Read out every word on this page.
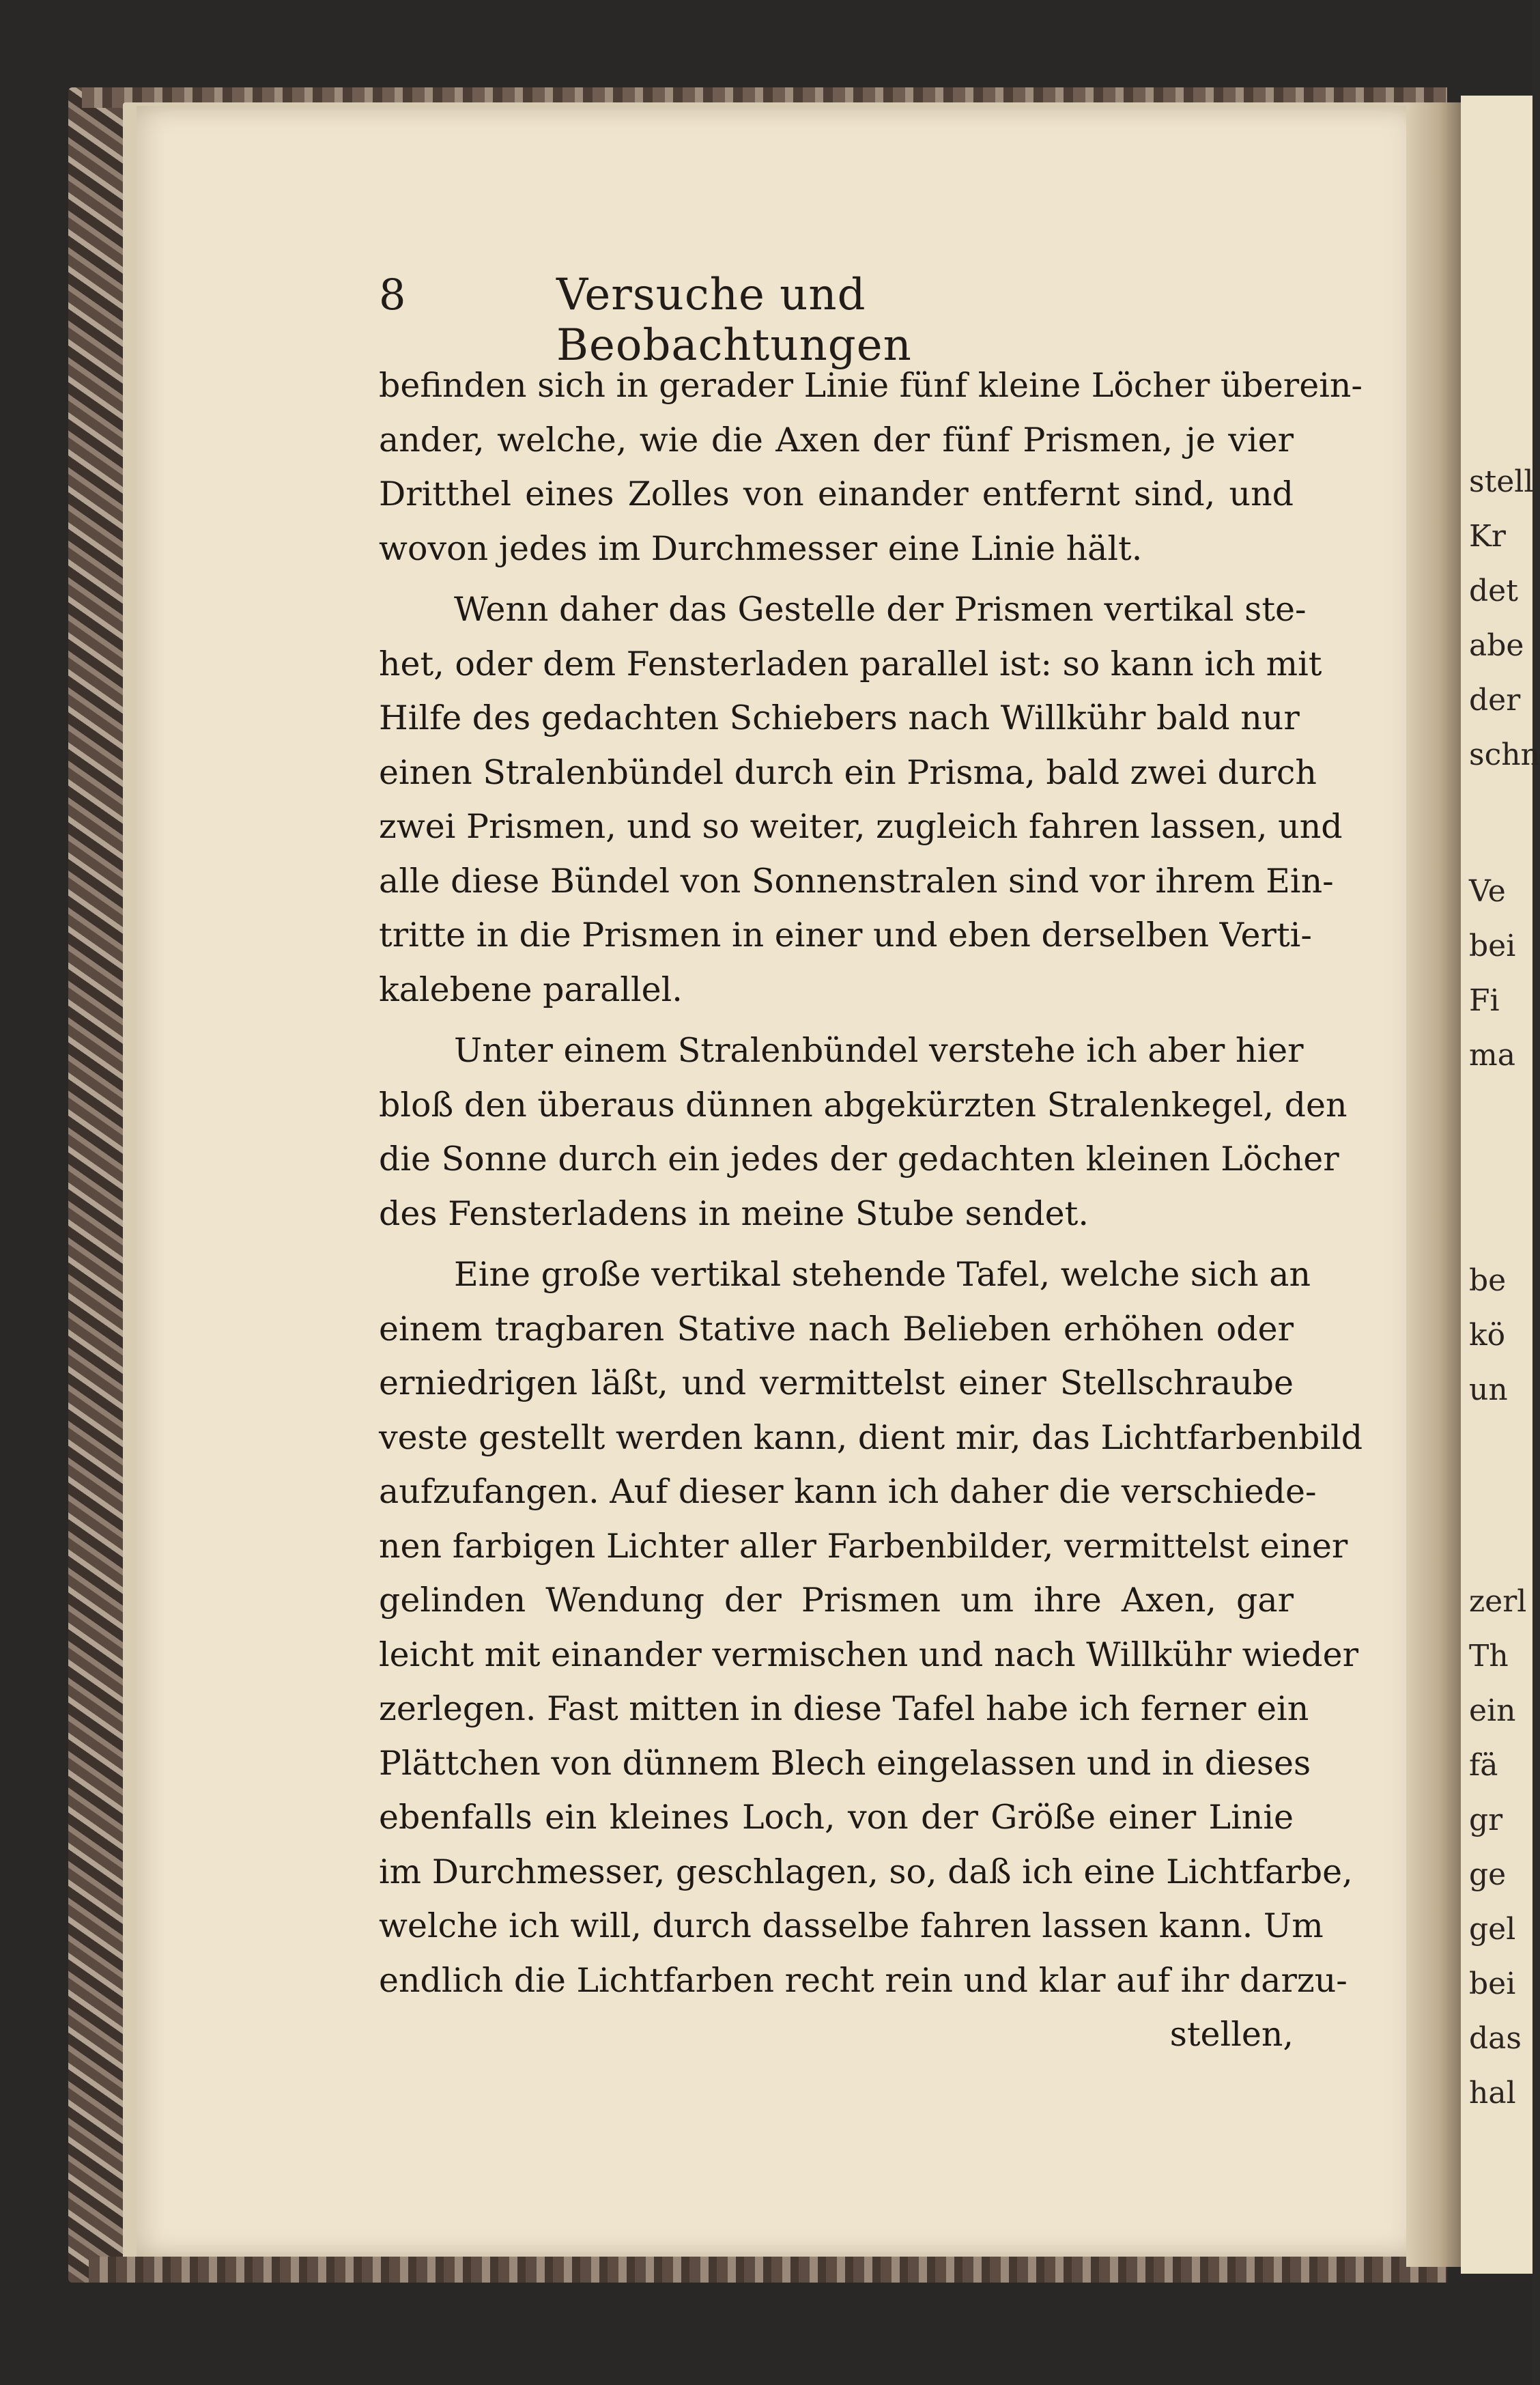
stell
Kr
det
abe
der
schn
Ve
bei
Fi
ma
be
kö
un
zerl
Th
ein
fä
gr
ge
gel
bei
das
hal
8	Versuche und Beobachtungen
befinden sich in gerader Linie fünf kleine Löcher überein-
ander, welche, wie die Axen der fünf Prismen, je vier
Dritthel eines Zolles von einander entfernt sind, und
wovon jedes im Durchmesser eine Linie hält.
Wenn daher das Gestelle der Prismen vertikal ste-
het, oder dem Fensterladen parallel ist: so kann ich mit
Hilfe des gedachten Schiebers nach Willkühr bald nur
einen Stralenbündel durch ein Prisma, bald zwei durch
zwei Prismen, und so weiter, zugleich fahren lassen, und
alle diese Bündel von Sonnenstralen sind vor ihrem Ein-
tritte in die Prismen in einer und eben derselben Verti-
kalebene parallel.
Unter einem Stralenbündel verstehe ich aber hier
bloß den überaus dünnen abgekürzten Stralenkegel, den
die Sonne durch ein jedes der gedachten kleinen Löcher
des Fensterladens in meine Stube sendet.
Eine große vertikal stehende Tafel, welche sich an
einem tragbaren Stative nach Belieben erhöhen oder
erniedrigen läßt, und vermittelst einer Stellschraube
veste gestellt werden kann, dient mir, das Lichtfarbenbild
aufzufangen. Auf dieser kann ich daher die verschiede-
nen farbigen Lichter aller Farbenbilder, vermittelst einer
gelinden Wendung der Prismen um ihre Axen, gar
leicht mit einander vermischen und nach Willkühr wieder
zerlegen. Fast mitten in diese Tafel habe ich ferner ein
Plättchen von dünnem Blech eingelassen und in dieses
ebenfalls ein kleines Loch, von der Größe einer Linie
im Durchmesser, geschlagen, so, daß ich eine Lichtfarbe,
welche ich will, durch dasselbe fahren lassen kann. Um
endlich die Lichtfarben recht rein und klar auf ihr darzu-
stellen,
